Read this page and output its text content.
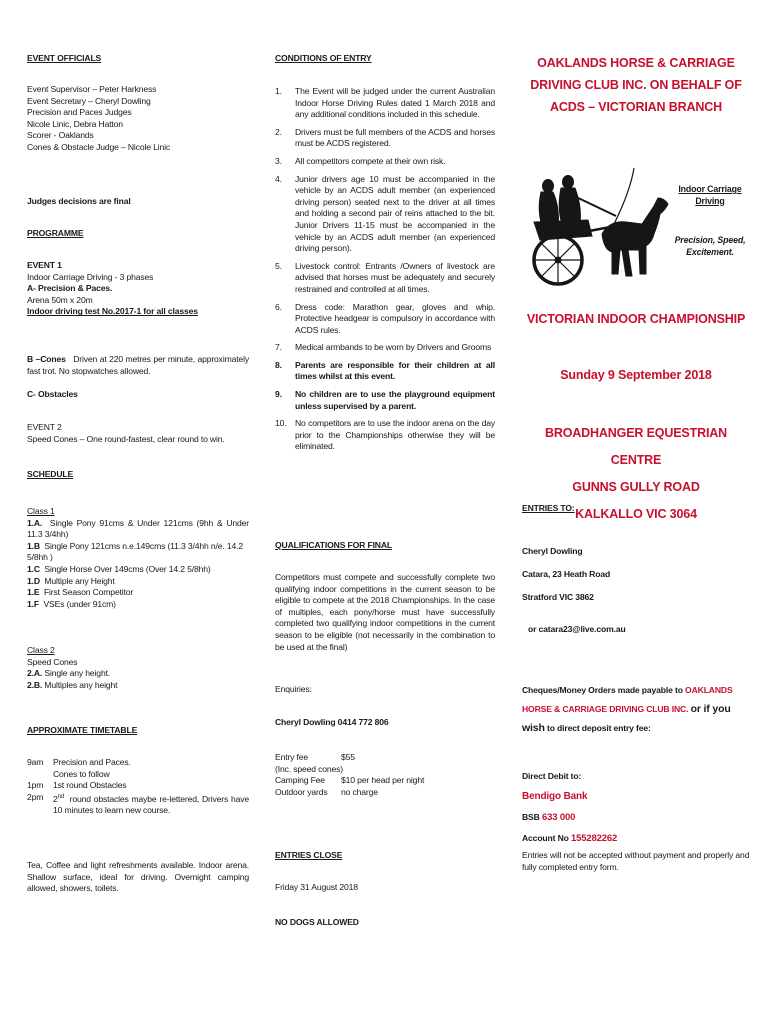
EVENT OFFICIALS
Event Supervisor – Peter Harkness
Event Secretary – Cheryl Dowling
Precision and Paces Judges
Nicole Linic, Debra Hatton
Scorer - Oaklands
Cones & Obstacle Judge – Nicole Linic
Judges decisions are final
PROGRAMME
EVENT 1
Indoor Carriage Driving - 3 phases
A- Precision & Paces.
Arena 50m x 20m
Indoor driving test No.2017-1 for all classes
B –Cones Driven at 220 metres per minute, approximately fast trot. No stopwatches allowed.
C- Obstacles
EVENT 2
Speed Cones – One round-fastest, clear round to win.
SCHEDULE
Class 1
1.A. Single Pony 91cms & Under 121cms (9hh & Under 11.3 3/4hh)
1.B Single Pony 121cms n.e.149cms (11.3 3/4hh n/e. 14.2 5/8hh )
1.C Single Horse Over 149cms (Over 14.2 5/8hh)
1.D Multiple any Height
1.E First Season Competitor
1.F VSEs (under 91cm)
Class 2
Speed Cones
2.A. Single any height.
2.B. Multiples any height
APPROXIMATE TIMETABLE
9am	Precision and Paces.
Cones to follow
1pm	1st round Obstacles
2pm	2nd round obstacles maybe re-lettered, Drivers have 10 minutes to learn new course.
Tea, Coffee and light refreshments available. Indoor arena. Shallow surface, ideal for driving. Overnight camping allowed, showers, toilets.
CONDITIONS OF ENTRY
1. The Event will be judged under the current Australian Indoor Horse Driving Rules dated 1 March 2018 and any additional conditions included in this schedule.
2. Drivers must be full members of the ACDS and horses must be ACDS registered.
3. All competitors compete at their own risk.
4. Junior drivers age 10 must be accompanied in the vehicle by an ACDS adult member (an experienced driving person) seated next to the driver at all times and holding a second pair of reins attached to the bit. Junior Drivers 11-15 must be accompanied in the vehicle by an ACDS adult member (an experienced driving person).
5. Livestock control: Entrants /Owners of livestock are advised that horses must be adequately and securely restrained and controlled at all times.
6. Dress code: Marathon gear, gloves and whip. Protective headgear is compulsory in accordance with ACDS rules.
7. Medical armbands to be worn by Drivers and Grooms
8. Parents are responsible for their children at all times whilst at this event.
9. No children are to use the playground equipment unless supervised by a parent.
10. No competitors are to use the indoor arena on the day prior to the Championships otherwise they will be eliminated.
QUALIFICATIONS FOR FINAL
Competitors must compete and successfully complete two qualifying indoor competitions in the current season to be eligible to compete at the 2018 Championships. In the case of multiples, each pony/horse must have successfully completed two qualifying indoor competitions in the current season to be eligible (not necessarily in the combination to be used at the final)
Enquiries:
Cheryl Dowling 0414 772 806
Entry fee	$55
(Inc. speed cones)
Camping Fee	$10 per head per night
Outdoor yards	no charge
ENTRIES CLOSE
Friday 31 August 2018
NO DOGS ALLOWED
OAKLANDS HORSE & CARRIAGE DRIVING CLUB INC. ON BEHALF OF ACDS – VICTORIAN BRANCH
Indoor Carriage Driving
Precision, Speed, Excitement.
VICTORIAN INDOOR CHAMPIONSHIP
Sunday 9 September 2018
BROADHANGER EQUESTRIAN CENTRE
GUNNS GULLY ROAD
KALKALLO VIC 3064
ENTRIES TO:
Cheryl Dowling
Catara, 23 Heath Road
Stratford VIC 3862
or catara23@live.com.au
Cheques/Money Orders made payable to OAKLANDS HORSE & CARRIAGE DRIVING CLUB INC. or if you wish to direct deposit entry fee:
Direct Debit to:
Bendigo Bank
BSB 633 000
Account No 155282262
Entries will not be accepted without payment and properly and fully completed entry form.
